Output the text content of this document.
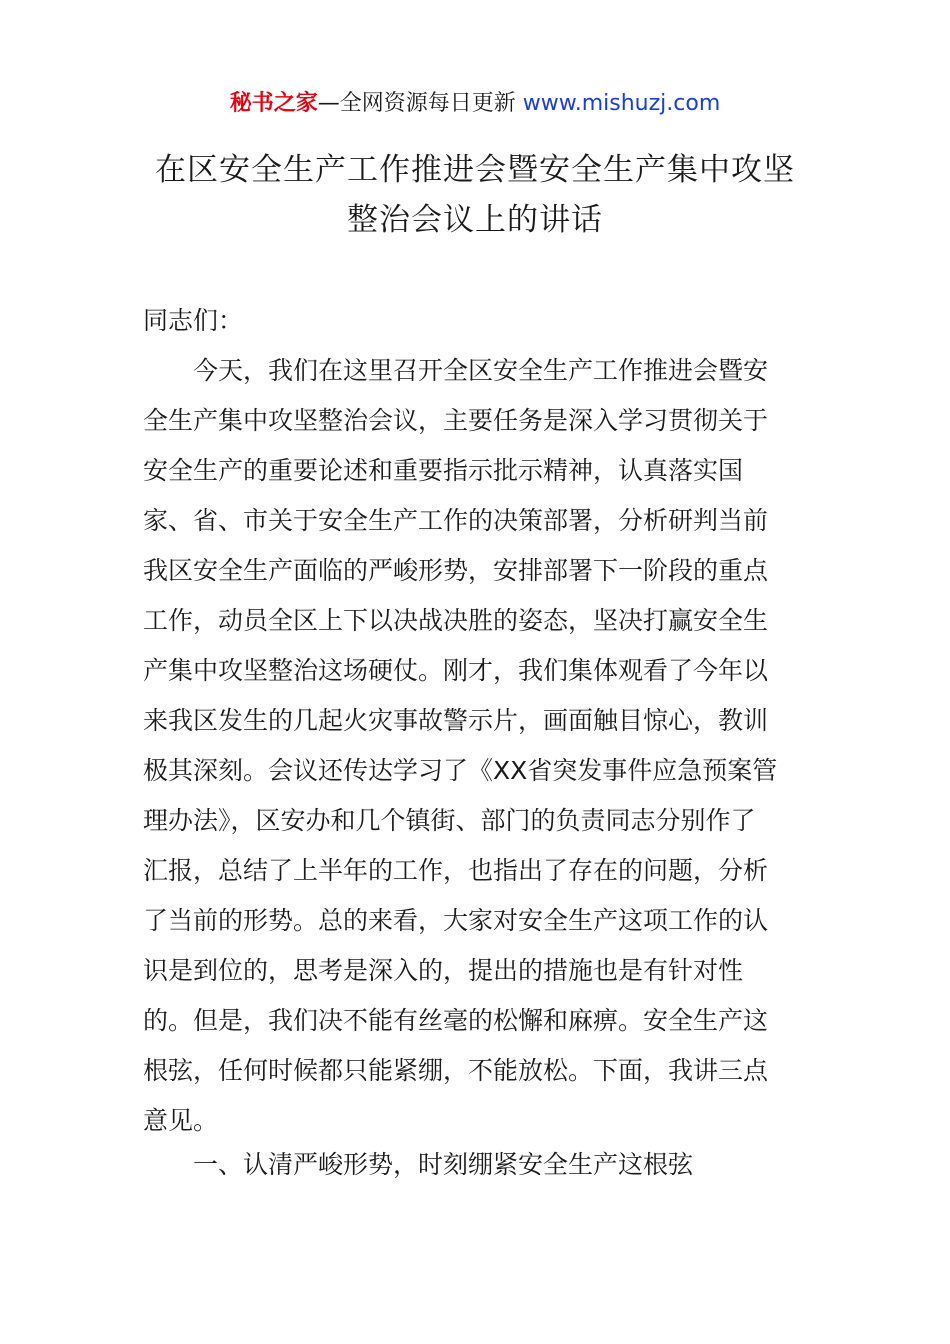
秘书之家—全网资源每日更新 www.mishuzj.com
在区安全生产工作推进会暨安全生产集中攻坚
整治会议上的讲话
同志们：
今天，我们在这里召开全区安全生产工作推进会暨安
全生产集中攻坚整治会议，主要任务是深入学习贯彻关于
安全生产的重要论述和重要指示批示精神，认真落实国
家、省、市关于安全生产工作的决策部署，分析研判当前
我区安全生产面临的严峻形势，安排部署下一阶段的重点
工作，动员全区上下以决战决胜的姿态，坚决打赢安全生
产集中攻坚整治这场硬仗。刚才，我们集体观看了今年以
来我区发生的几起火灾事故警示片，画面触目惊心，教训
极其深刻。会议还传达学习了《XX省突发事件应急预案管
理办法》，区安办和几个镇街、部门的负责同志分别作了
汇报，总结了上半年的工作，也指出了存在的问题，分析
了当前的形势。总的来看，大家对安全生产这项工作的认
识是到位的，思考是深入的，提出的措施也是有针对性
的。但是，我们决不能有丝毫的松懈和麻痹。安全生产这
根弦，任何时候都只能紧绷，不能放松。下面，我讲三点
意见。
一、认清严峻形势，时刻绷紧安全生产这根弦
